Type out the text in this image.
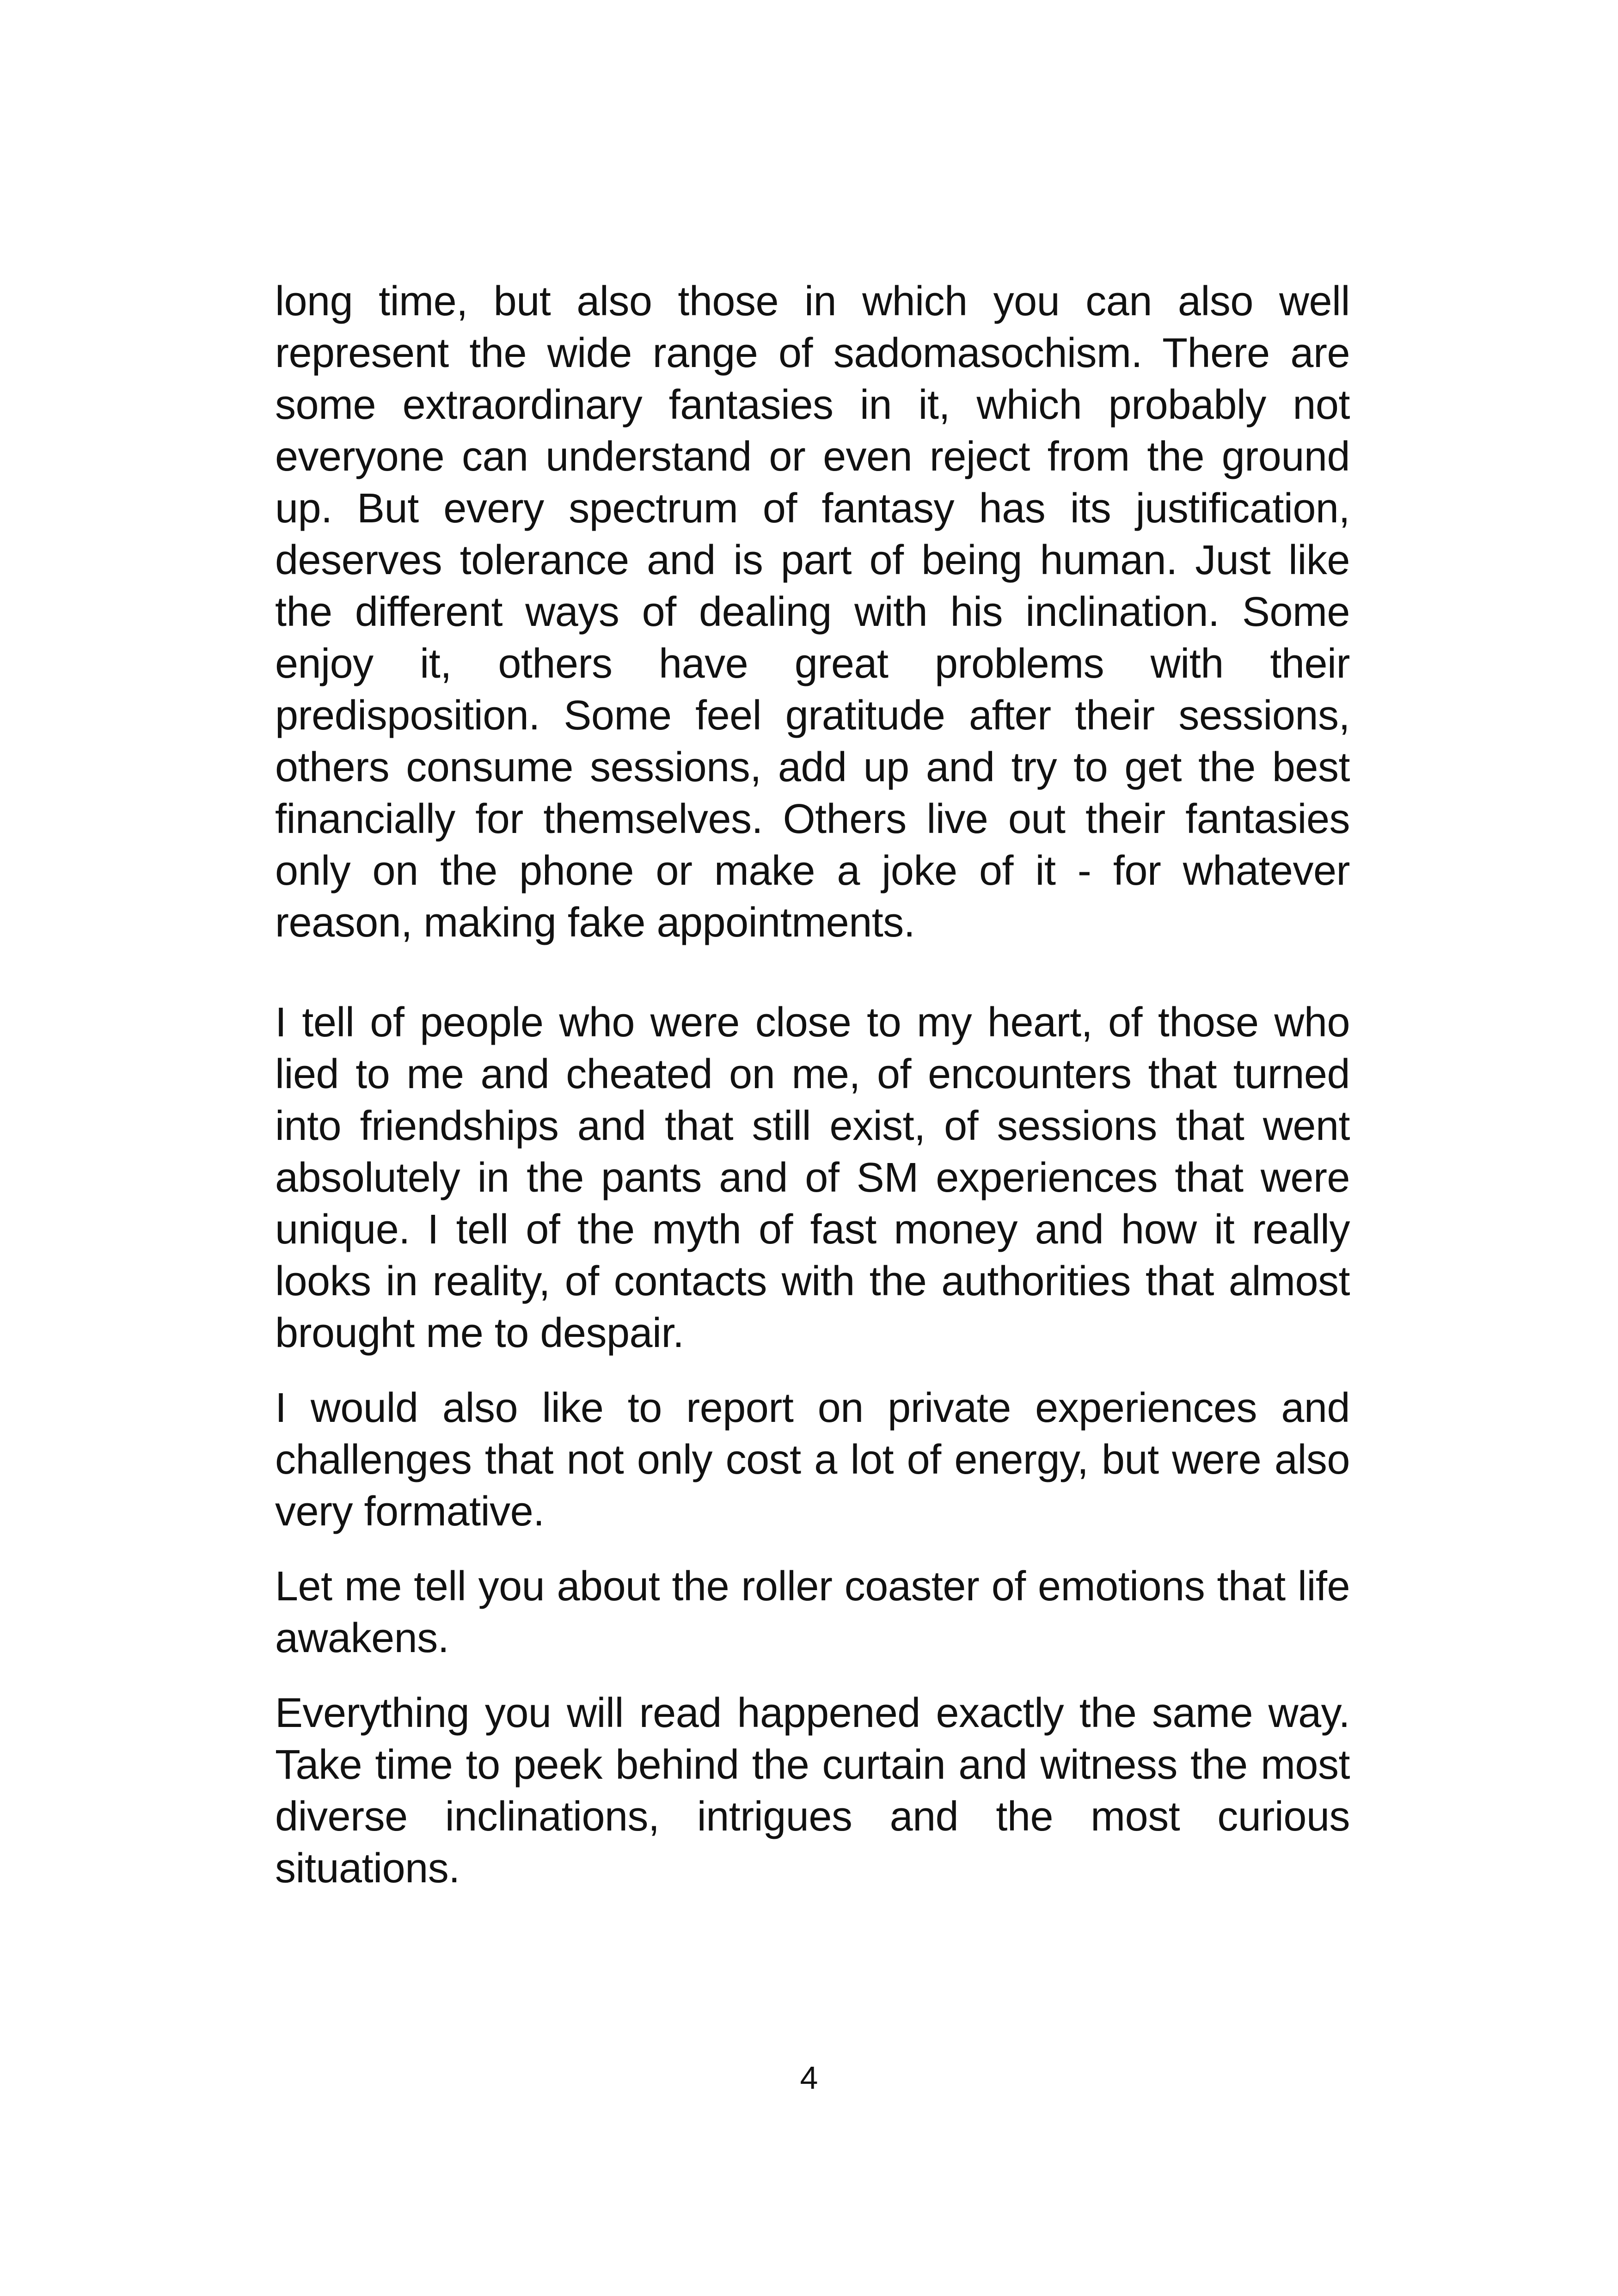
long time, but also those in which you can also well represent the wide range of sadomasochism. There are some extraordinary fantasies in it, which probably not everyone can understand or even reject from the ground up. But every spectrum of fantasy has its justification, deserves tolerance and is part of being human. Just like the different ways of dealing with his inclination. Some enjoy it, others have great problems with their predisposition. Some feel gratitude after their sessions, others consume sessions, add up and try to get the best financially for themselves. Others live out their fantasies only on the phone or make a joke of it - for whatever reason, making fake appointments.

I tell of people who were close to my heart, of those who lied to me and cheated on me, of encounters that turned into friendships and that still exist, of sessions that went absolutely in the pants and of SM experiences that were unique. I tell of the myth of fast money and how it really looks in reality, of contacts with the authorities that almost brought me to despair.

I would also like to report on private experiences and challenges that not only cost a lot of energy, but were also very formative.

Let me tell you about the roller coaster of emotions that life awakens.

Everything you will read happened exactly the same way. Take time to peek behind the curtain and witness the most diverse inclinations, intrigues and the most curious situations.

4
